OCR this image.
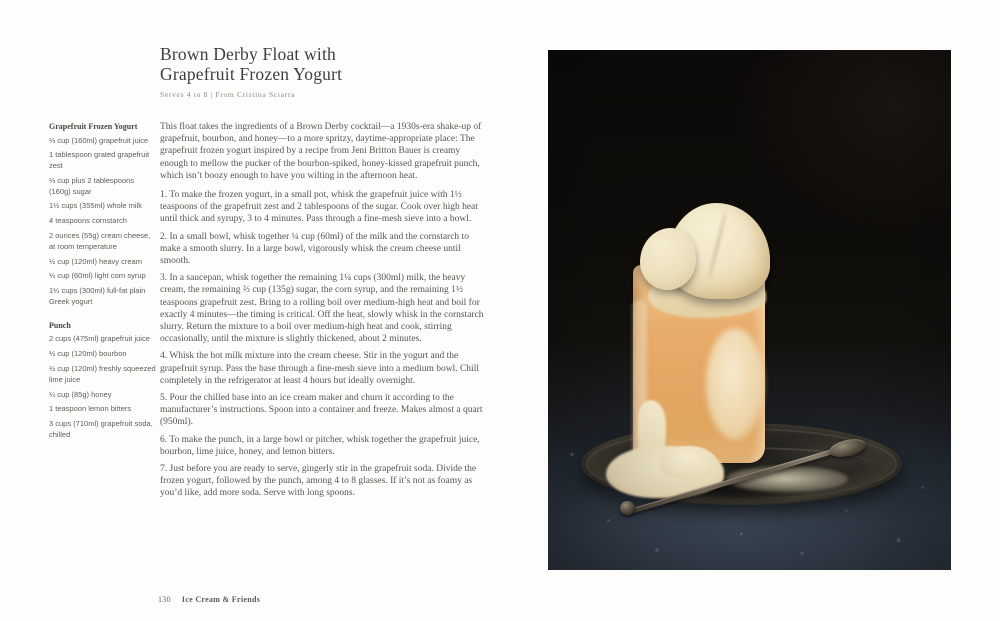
Grapefruit Frozen Yogurt

⅔ cup (160ml) grapefruit juice

1 tablespoon grated grapefruit zest

⅔ cup plus 2 tablespoons (160g) sugar

1½ cups (355ml) whole milk

4 teaspoons cornstarch

2 ounces (55g) cream cheese, at room temperature

½ cup (120ml) heavy cream

¼ cup (60ml) light corn syrup

1¼ cups (300ml) full-fat plain Greek yogurt

Punch

2 cups (475ml) grapefruit juice

½ cup (120ml) bourbon

½ cup (120ml) freshly squeezed lime juice

¼ cup (85g) honey

1 teaspoon lemon bitters

3 cups (710ml) grapefruit soda, chilled

Brown Derby Float with
Grapefruit Frozen Yogurt
Serves 4 to 8 | From Cristina Sciarra

This float takes the ingredients of a Brown Derby cocktail—a 1930s-era shake-up of grapefruit, bourbon, and honey—to a more spritzy, daytime-appropriate place: The grapefruit frozen yogurt inspired by a recipe from Jeni Britton Bauer is creamy enough to mellow the pucker of the bourbon-spiked, honey-kissed grapefruit punch, which isn’t boozy enough to have you wilting in the afternoon heat.

1. To make the frozen yogurt, in a small pot, whisk the grapefruit juice with 1½ teaspoons of the grapefruit zest and 2 tablespoons of the sugar. Cook over high heat until thick and syrupy, 3 to 4 minutes. Pass through a fine-mesh sieve into a bowl.

2. In a small bowl, whisk together ¼ cup (60ml) of the milk and the cornstarch to make a smooth slurry. In a large bowl, vigorously whisk the cream cheese until smooth.

3. In a saucepan, whisk together the remaining 1¼ cups (300ml) milk, the heavy cream, the remaining ⅔ cup (135g) sugar, the corn syrup, and the remaining 1½ teaspoons grapefruit zest. Bring to a rolling boil over medium-high heat and boil for exactly 4 minutes—the timing is critical. Off the heat, slowly whisk in the cornstarch slurry. Return the mixture to a boil over medium-high heat and cook, stirring occasionally, until the mixture is slightly thickened, about 2 minutes.

4. Whisk the hot milk mixture into the cream cheese. Stir in the yogurt and the grapefruit syrup. Pass the base through a fine-mesh sieve into a medium bowl. Chill completely in the refrigerator at least 4 hours but ideally overnight.

5. Pour the chilled base into an ice cream maker and churn it according to the manufacturer’s instructions. Spoon into a container and freeze. Makes almost a quart (950ml).

6. To make the punch, in a large bowl or pitcher, whisk together the grapefruit juice, bourbon, lime juice, honey, and lemon bitters.

7. Just before you are ready to serve, gingerly stir in the grapefruit soda. Divide the frozen yogurt, followed by the punch, among 4 to 8 glasses. If it’s not as foamy as you’d like, add more soda. Serve with long spoons.

130 Ice Cream & Friends
